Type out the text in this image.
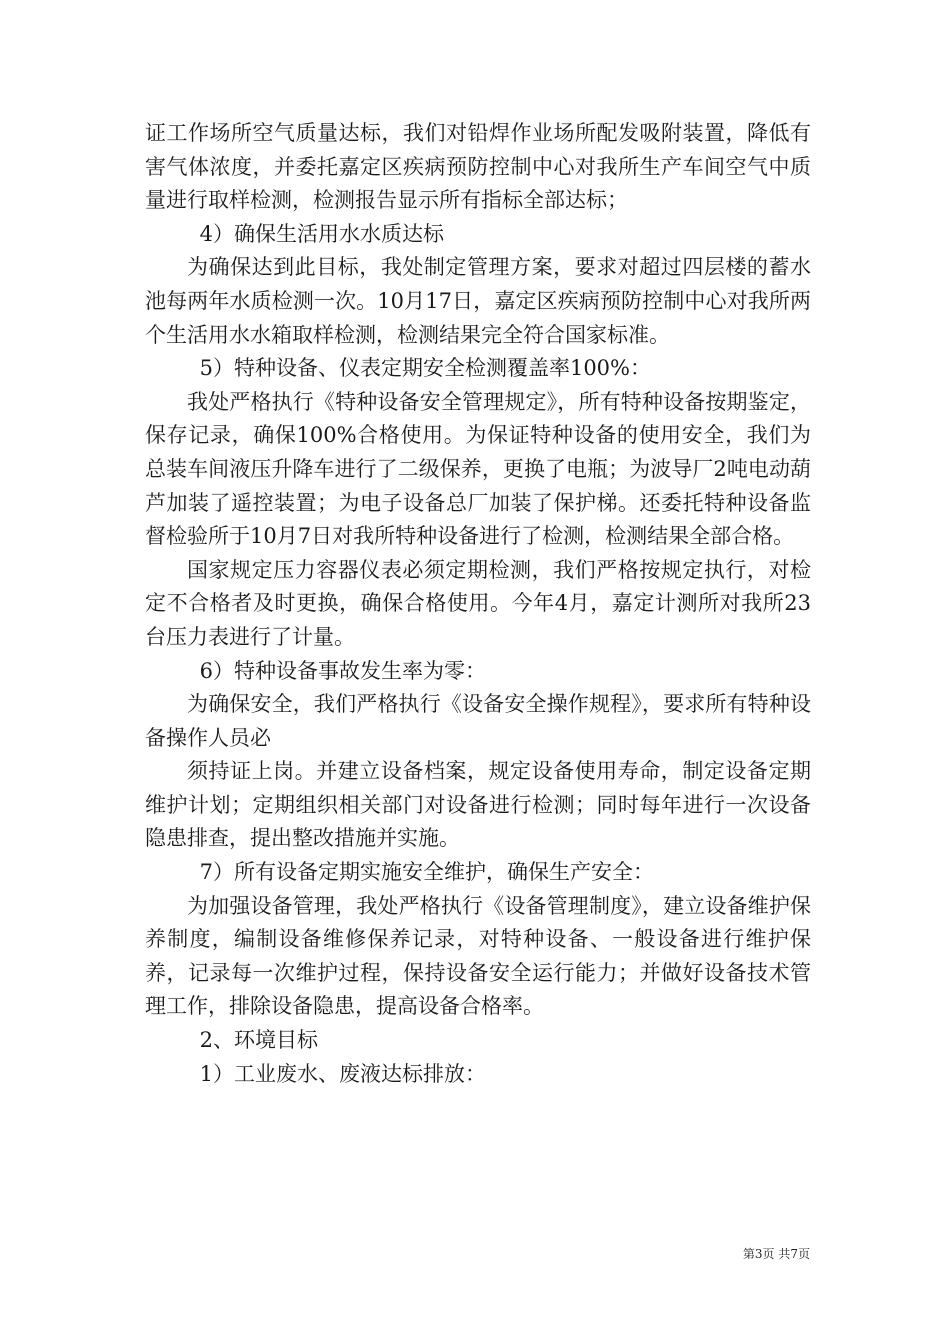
证工作场所空气质量达标，我们对铅焊作业场所配发吸附装置，降低有害气体浓度，并委托嘉定区疾病预防控制中心对我所生产车间空气中质量进行取样检测，检测报告显示所有指标全部达标；

4）确保生活用水水质达标

为确保达到此目标，我处制定管理方案，要求对超过四层楼的蓄水池每两年水质检测一次。10月17日，嘉定区疾病预防控制中心对我所两个生活用水水箱取样检测，检测结果完全符合国家标准。

5）特种设备、仪表定期安全检测覆盖率100%：

我处严格执行《特种设备安全管理规定》，所有特种设备按期鉴定，保存记录，确保100%合格使用。为保证特种设备的使用安全，我们为总装车间液压升降车进行了二级保养，更换了电瓶；为波导厂2吨电动葫芦加装了遥控装置；为电子设备总厂加装了保护梯。还委托特种设备监督检验所于10月7日对我所特种设备进行了检测，检测结果全部合格。

国家规定压力容器仪表必须定期检测，我们严格按规定执行，对检定不合格者及时更换，确保合格使用。今年4月，嘉定计测所对我所23台压力表进行了计量。

6）特种设备事故发生率为零：

为确保安全，我们严格执行《设备安全操作规程》，要求所有特种设备操作人员必

须持证上岗。并建立设备档案，规定设备使用寿命，制定设备定期维护计划；定期组织相关部门对设备进行检测；同时每年进行一次设备隐患排查，提出整改措施并实施。

7）所有设备定期实施安全维护，确保生产安全：

为加强设备管理，我处严格执行《设备管理制度》，建立设备维护保养制度，编制设备维修保养记录，对特种设备、一般设备进行维护保养，记录每一次维护过程，保持设备安全运行能力；并做好设备技术管理工作，排除设备隐患，提高设备合格率。

2、环境目标

1）工业废水、废液达标排放：

第3页 共7页
